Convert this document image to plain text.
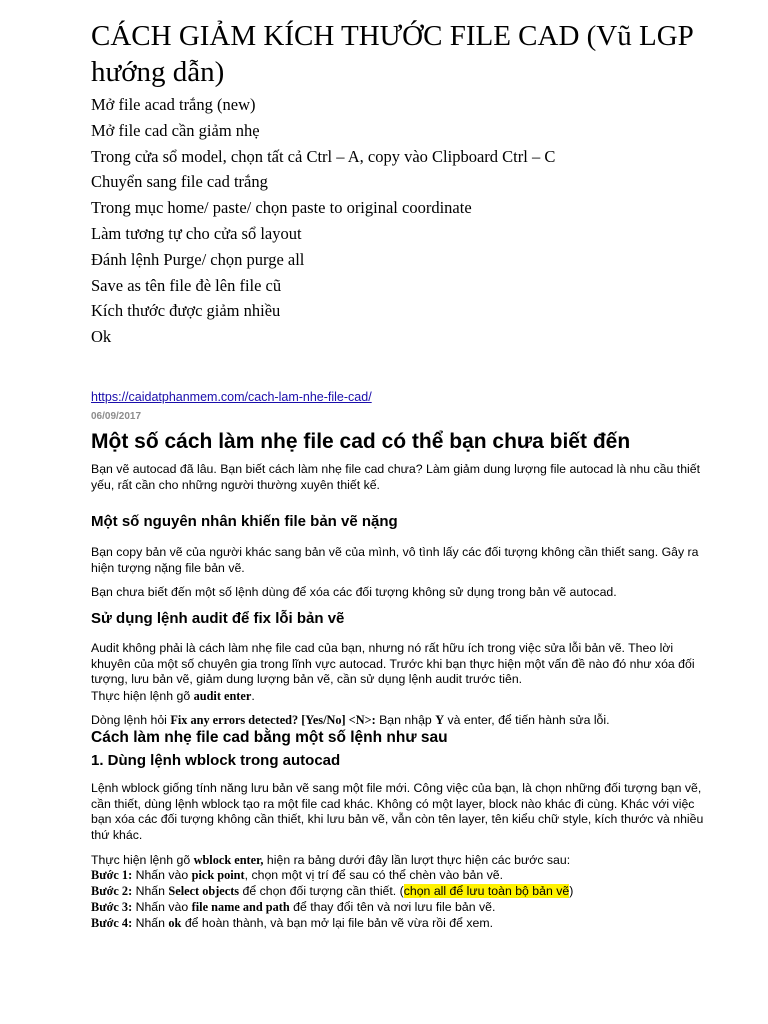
CÁCH GIẢM KÍCH THƯỚC FILE CAD (Vũ LGP hướng dẫn)
Mở file acad trắng (new)
Mở file cad cần giảm nhẹ
Trong cửa sổ model, chọn tất cả Ctrl – A, copy vào Clipboard Ctrl – C
Chuyển sang file cad trắng
Trong mục home/ paste/ chọn paste to original coordinate
Làm tương tự cho cửa sổ layout
Đánh lệnh Purge/ chọn purge all
Save as tên file đè lên file cũ
Kích thước được giảm nhiều
Ok
https://caidatphanmem.com/cach-lam-nhe-file-cad/
06/09/2017
Một số cách làm nhẹ file cad có thể bạn chưa biết đến

Bạn vẽ autocad đã lâu. Bạn biết cách làm nhẹ file cad chưa? Làm giảm dung lượng file autocad là nhu cầu thiết yếu, rất cần cho những người thường xuyên thiết kế.

Một số nguyên nhân khiến file bản vẽ nặng

Bạn copy bản vẽ của người khác sang bản vẽ của mình, vô tình lấy các đối tượng không cần thiết sang. Gây ra hiện tượng nặng file bản vẽ.

Bạn chưa biết đến một số lệnh dùng để xóa các đối tượng không sử dụng trong bản vẽ autocad.

Sử dụng lệnh audit để fix lỗi bản vẽ

Audit không phải là cách làm nhẹ file cad của bạn, nhưng nó rất hữu ích trong việc sửa lỗi bản vẽ. Theo lời khuyên của một số chuyên gia trong lĩnh vực autocad. Trước khi bạn thực hiện một vấn đề nào đó như xóa đối tượng, lưu bản vẽ, giảm dung lượng bản vẽ, cần sử dụng lệnh audit trước tiên.

Thực hiện lệnh gõ audit enter.

Dòng lệnh hỏi Fix any errors detected? [Yes/No] <N>: Bạn nhập Y và enter, để tiến hành sửa lỗi.

Cách làm nhẹ file cad bằng một số lệnh như sau
1. Dùng lệnh wblock trong autocad

Lệnh wblock giống tính năng lưu bản vẽ sang một file mới. Công việc của bạn, là chọn những đối tượng bạn vẽ, cần thiết, dùng lệnh wblock tạo ra một file cad khác. Không có một layer, block nào khác đi cùng. Khác với việc bạn xóa các đối tượng không cần thiết, khi lưu bản vẽ, vẫn còn tên layer, tên kiểu chữ style, kích thước và nhiều thứ khác.

Thực hiện lệnh gõ wblock enter, hiện ra bảng dưới đây lần lượt thực hiện các bước sau:

Bước 1: Nhấn vào pick point, chọn một vị trí để sau có thể chèn vào bản vẽ.

Bước 2: Nhấn Select objects để chọn đối tượng cần thiết. (chọn all để lưu toàn bộ bản vẽ)

Bước 3: Nhấn vào file name and path để thay đổi tên và nơi lưu file bản vẽ.

Bước 4: Nhấn ok để hoàn thành, và bạn mở lại file bản vẽ vừa rồi để xem.
